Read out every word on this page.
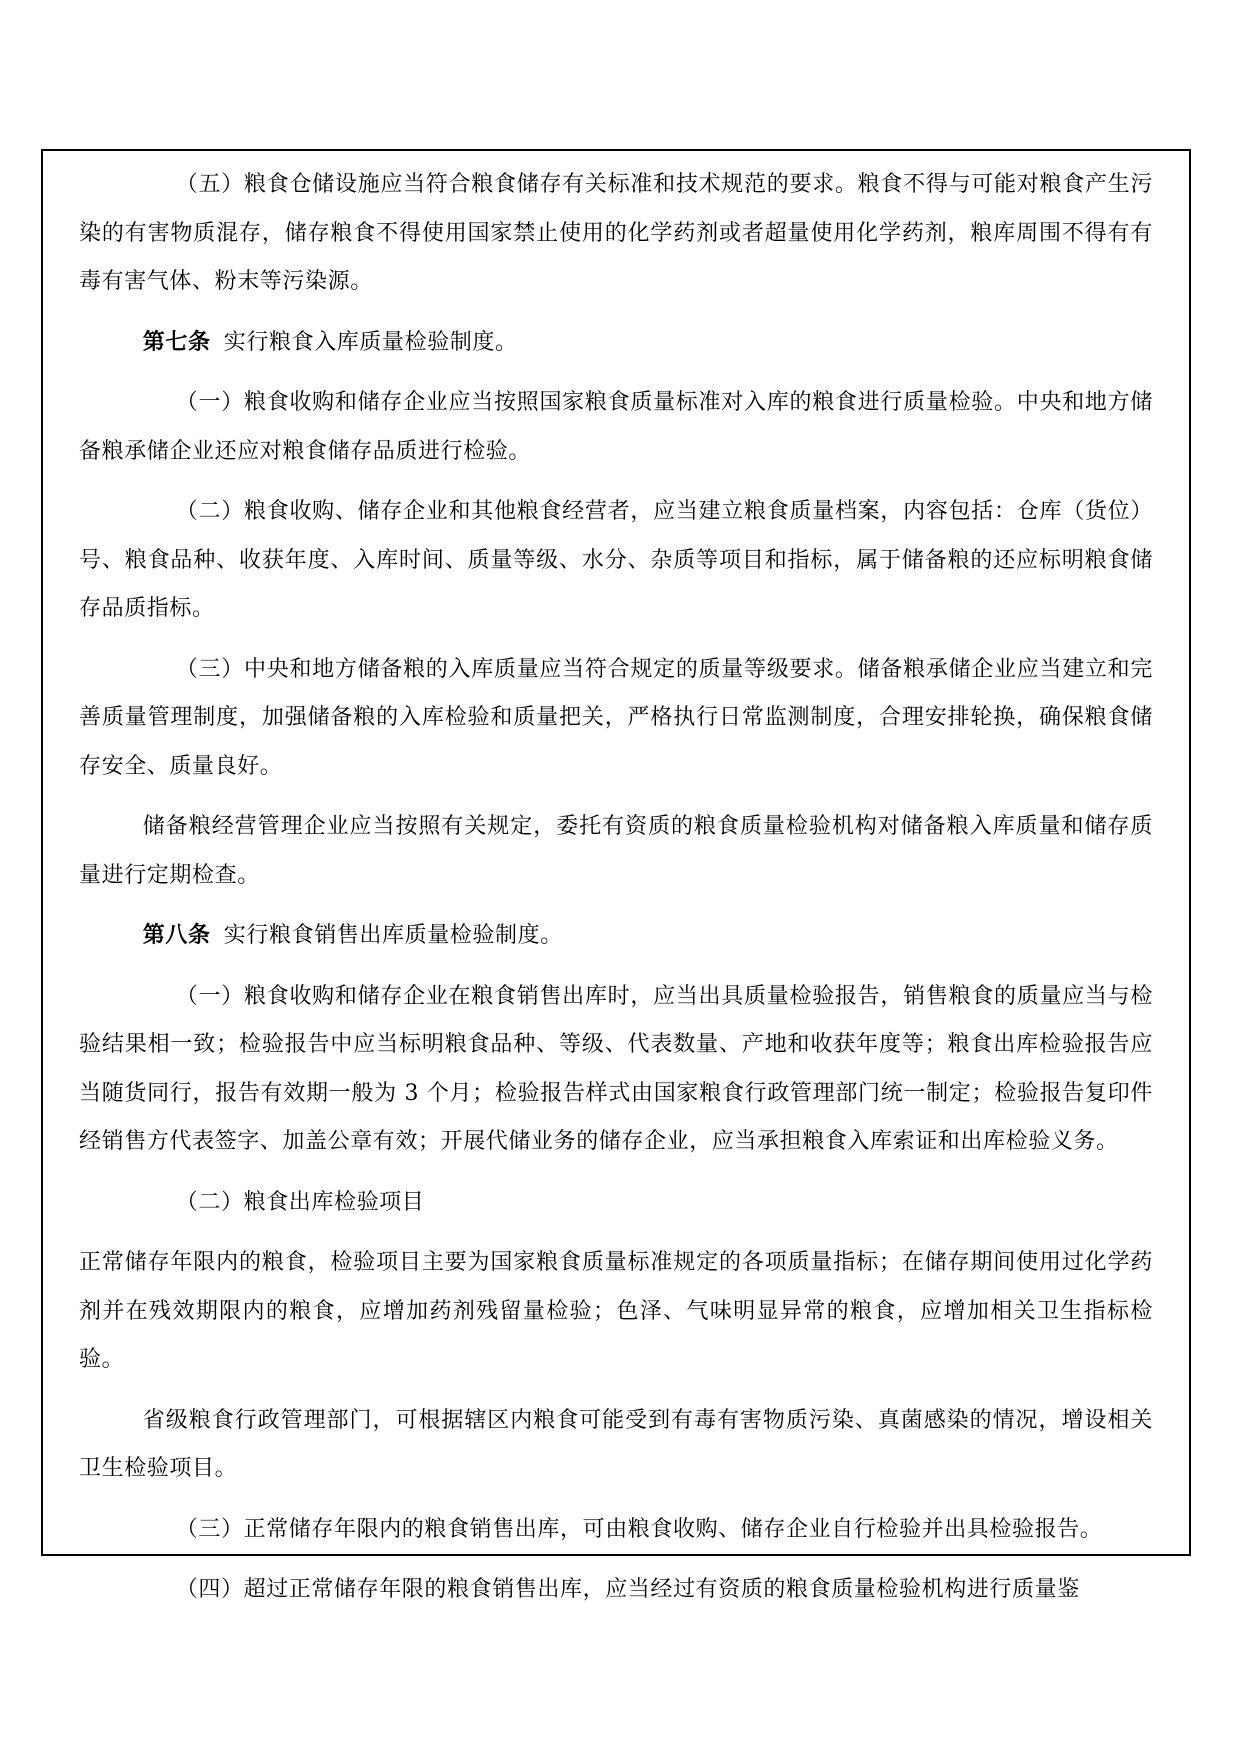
（五）粮食仓储设施应当符合粮食储存有关标准和技术规范的要求。粮食不得与可能对粮食产生污染的有害物质混存，储存粮食不得使用国家禁止使用的化学药剂或者超量使用化学药剂，粮库周围不得有有毒有害气体、粉末等污染源。

第七条 实行粮食入库质量检验制度。

（一）粮食收购和储存企业应当按照国家粮食质量标准对入库的粮食进行质量检验。中央和地方储备粮承储企业还应对粮食储存品质进行检验。

（二）粮食收购、储存企业和其他粮食经营者，应当建立粮食质量档案，内容包括：仓库（货位）号、粮食品种、收获年度、入库时间、质量等级、水分、杂质等项目和指标，属于储备粮的还应标明粮食储存品质指标。

（三）中央和地方储备粮的入库质量应当符合规定的质量等级要求。储备粮承储企业应当建立和完善质量管理制度，加强储备粮的入库检验和质量把关，严格执行日常监测制度，合理安排轮换，确保粮食储存安全、质量良好。

储备粮经营管理企业应当按照有关规定，委托有资质的粮食质量检验机构对储备粮入库质量和储存质量进行定期检查。

第八条 实行粮食销售出库质量检验制度。

（一）粮食收购和储存企业在粮食销售出库时，应当出具质量检验报告，销售粮食的质量应当与检验结果相一致；检验报告中应当标明粮食品种、等级、代表数量、产地和收获年度等；粮食出库检验报告应当随货同行，报告有效期一般为 3 个月；检验报告样式由国家粮食行政管理部门统一制定；检验报告复印件经销售方代表签字、加盖公章有效；开展代储业务的储存企业，应当承担粮食入库索证和出库检验义务。

（二）粮食出库检验项目

正常储存年限内的粮食，检验项目主要为国家粮食质量标准规定的各项质量指标；在储存期间使用过化学药剂并在残效期限内的粮食，应增加药剂残留量检验；色泽、气味明显异常的粮食，应增加相关卫生指标检验。

省级粮食行政管理部门，可根据辖区内粮食可能受到有毒有害物质污染、真菌感染的情况，增设相关卫生检验项目。

（三）正常储存年限内的粮食销售出库，可由粮食收购、储存企业自行检验并出具检验报告。

（四）超过正常储存年限的粮食销售出库，应当经过有资质的粮食质量检验机构进行质量鉴
